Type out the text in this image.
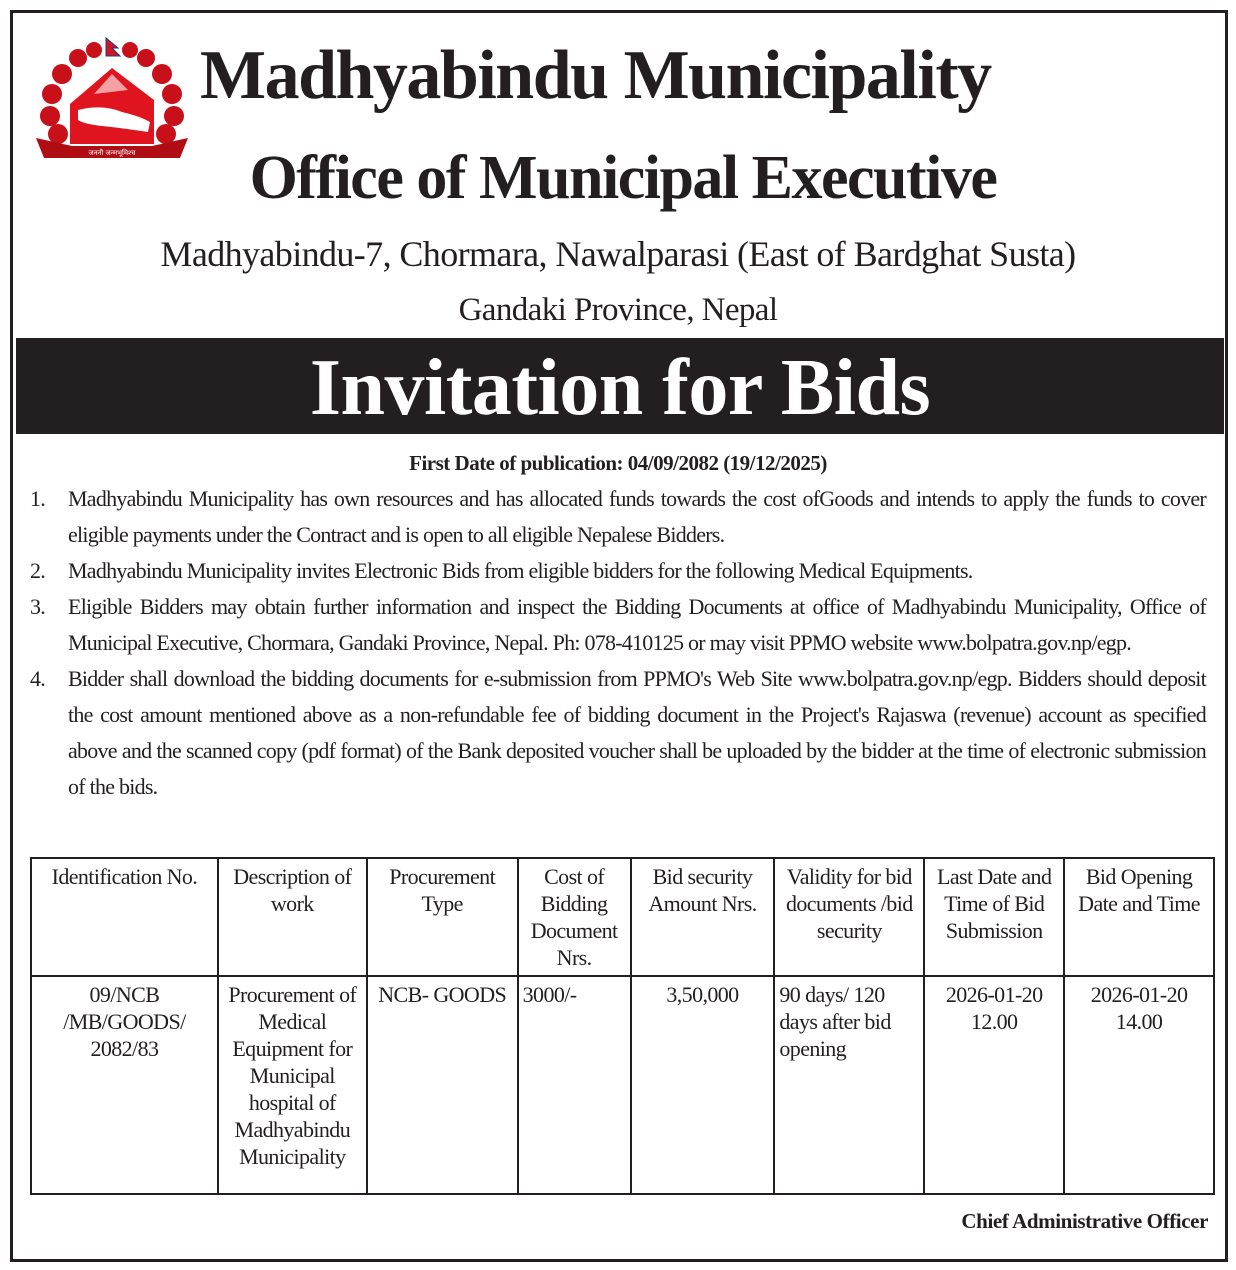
जननी जन्मभूमिश्च
Madhyabindu Municipality
Office of Municipal Executive
Madhyabindu-7, Chormara, Nawalparasi (East of Bardghat Susta)
Gandaki Province, Nepal
Invitation for Bids
First Date of publication: 04/09/2082 (19/12/2025)
1. Madhyabindu Municipality has own resources and has allocated funds towards the cost ofGoods and intends to apply the funds to cover eligible payments under the Contract and is open to all eligible Nepalese Bidders.
2. Madhyabindu Municipality invites Electronic Bids from eligible bidders for the following Medical Equipments.
3. Eligible Bidders may obtain further information and inspect the Bidding Documents at office of Madhyabindu Municipality, Office of Municipal Executive, Chormara, Gandaki Province, Nepal. Ph: 078-410125 or may visit PPMO website www.bolpatra.gov.np/egp.
4. Bidder shall download the bidding documents for e-submission from PPMO's Web Site www.bolpatra.gov.np/egp. Bidders should deposit the cost amount mentioned above as a non-refundable fee of bidding document in the Project's Rajaswa (revenue) account as specified above and the scanned copy (pdf format) of the Bank deposited voucher shall be uploaded by the bidder at the time of electronic submission of the bids.
Identification No.	Description of work	Procurement Type	Cost of Bidding Document Nrs.	Bid security Amount Nrs.	Validity for bid documents /bid security	Last Date and Time of Bid Submission	Bid Opening Date and Time
09/NCB /MB/GOODS/ 2082/83	Procurement of Medical Equipment for Municipal hospital of Madhyabindu Municipality	NCB- GOODS	3000/-	3,50,000	90 days/ 120 days after bid opening	2026-01-20 12.00	2026-01-20 14.00
Chief Administrative Officer
